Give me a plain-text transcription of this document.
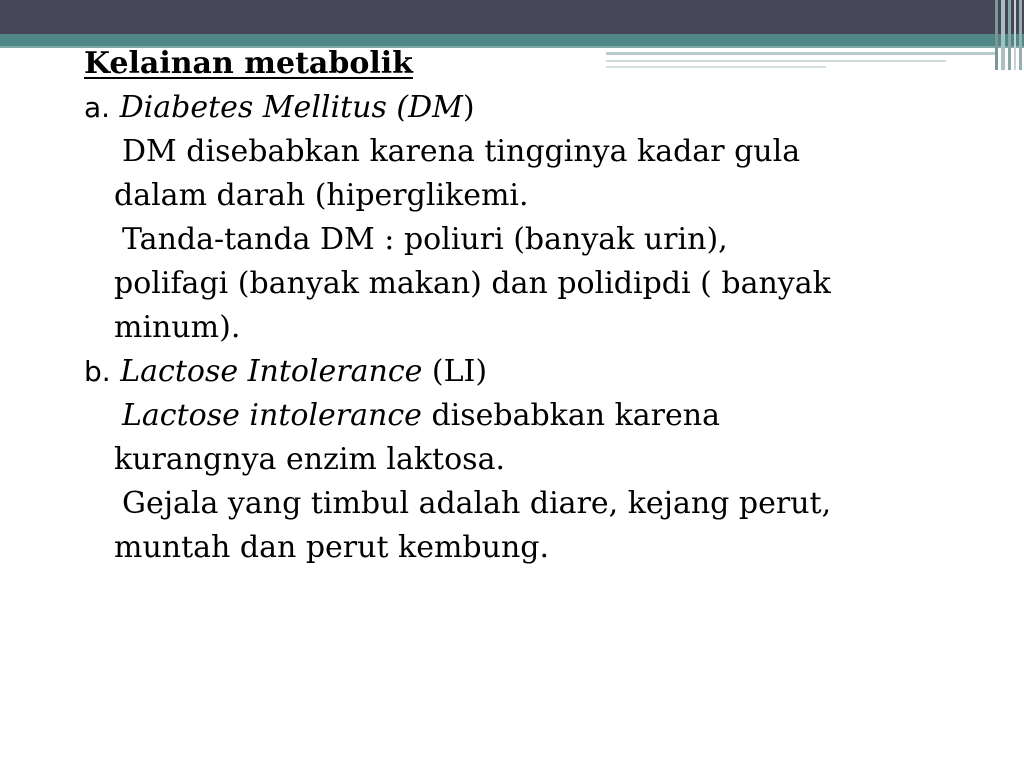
Kelainan metabolik

a. Diabetes Mellitus (DM)

DM disebabkan karena tingginya kadar gula
dalam darah (hiperglikemi.
Tanda-tanda DM : poliuri (banyak urin),
polifagi (banyak makan) dan polidipdi ( banyak
minum).

b. Lactose Intolerance (LI)

Lactose intolerance disebabkan karena
kurangnya enzim laktosa.
Gejala yang timbul adalah diare, kejang perut,
muntah dan perut kembung.
